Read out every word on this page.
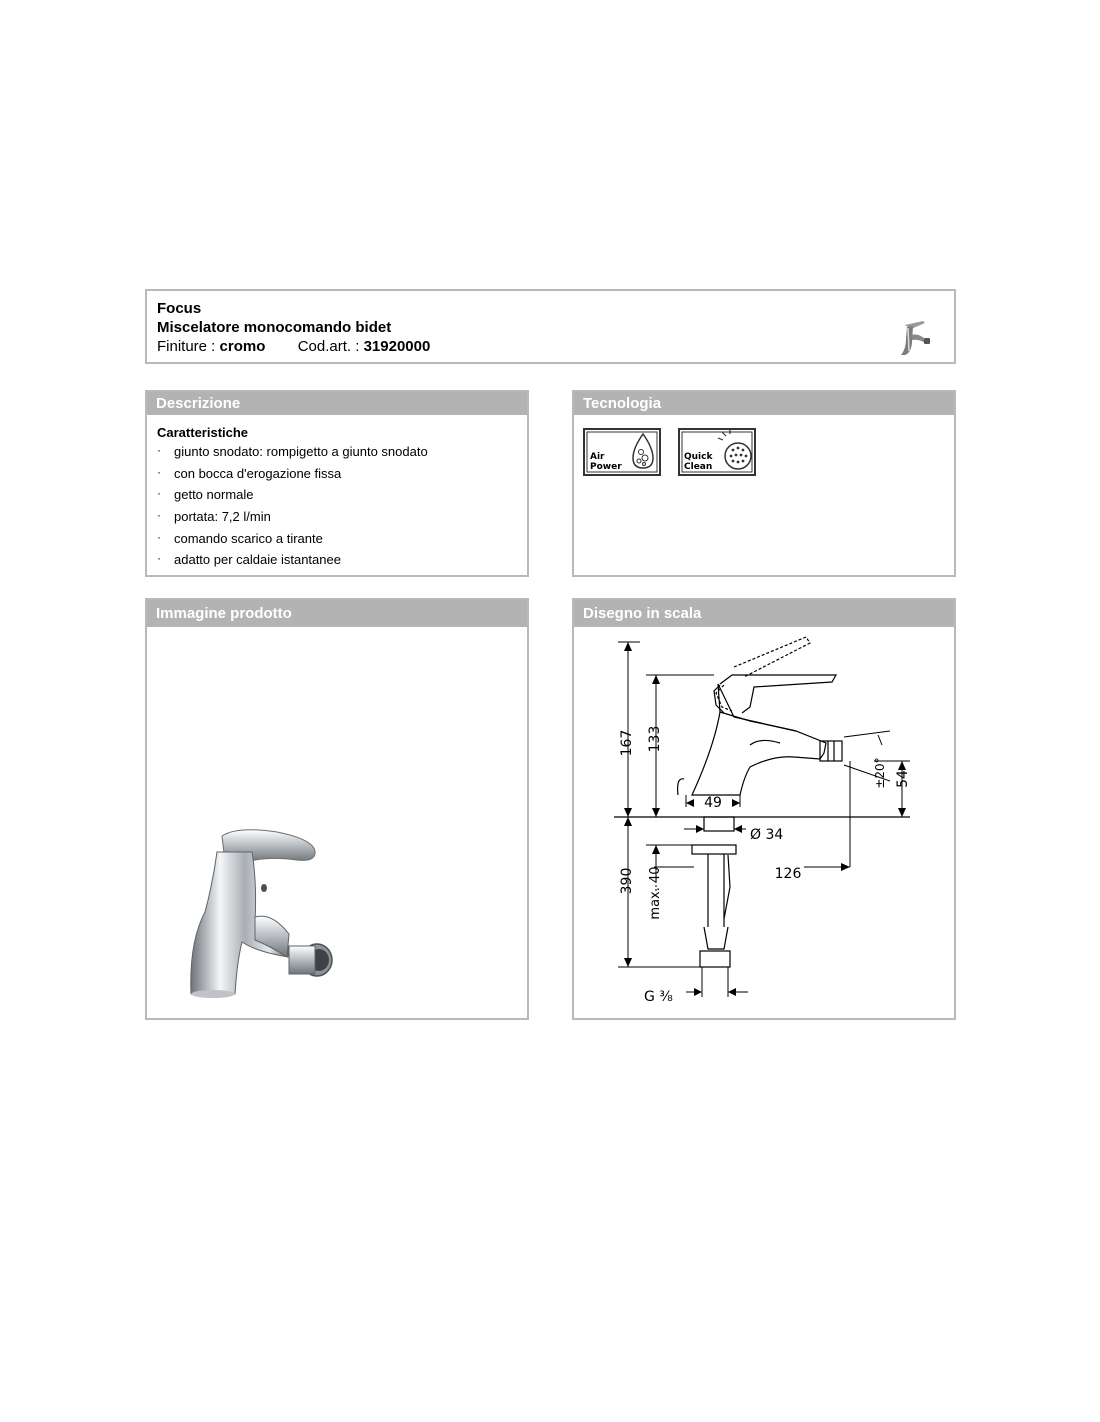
Focus
Miscelatore monocomando bidet
Finiture : cromo Cod.art. : 31920000
Descrizione
Caratteristiche
· giunto snodato: rompigetto a giunto snodato
· con bocca d'erogazione fissa
· getto normale
· portata: 7,2 l/min
· comando scarico a tirante
· adatto per caldaie istantanee
Tecnologia
Air
Power
Quick
Clean
Immagine prodotto	Disegno in scala
167 133
±20° 54
49
Ø 34
390 max. 40	126
G ⅜
